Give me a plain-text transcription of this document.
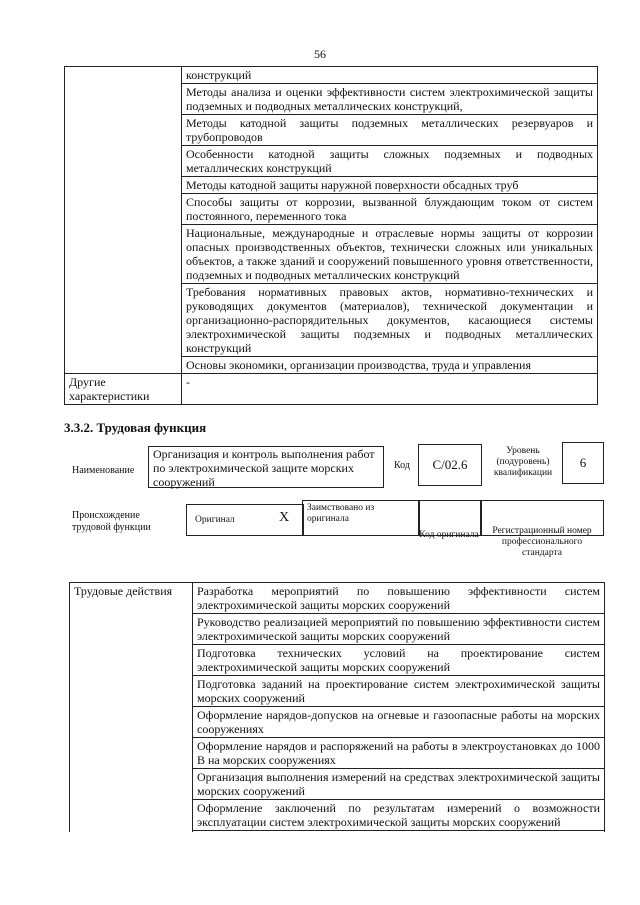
56
	конструкций
	Методы анализа и оценки эффективности систем электрохимической защиты подземных и подводных металлических конструкций,
	Методы катодной защиты подземных металлических резервуаров и трубопроводов
	Особенности катодной защиты сложных подземных и подводных металлических конструкций
	Методы катодной защиты наружной поверхности обсадных труб
	Способы защиты от коррозии, вызванной блуждающим током от систем постоянного, переменного тока
	Национальные, международные и отраслевые нормы защиты от коррозии опасных производственных объектов, технически сложных или уникальных объектов, а также зданий и сооружений повышенного уровня ответственности, подземных и подводных металлических конструкций
	Требования нормативных правовых актов, нормативно-технических и руководящих документов (материалов), технической документации и организационно-распорядительных документов, касающиеся системы электрохимической защиты подземных и подводных металлических конструкций
	Основы экономики, организации производства, труда и управления
Другие характеристики	-
3.3.2. Трудовая функция
Наименование
Организация и контроль выполнения работ по электрохимической защите морских сооружений
Код	С/02.6
Уровень (подуровень) квалификации
6
Происхождение трудовой функции
Оригинал	X
Заимствовано из оригинала
Код оригинала	Регистрационный номер профессионального стандарта
Трудовые действия	Разработка мероприятий по повышению эффективности систем электрохимической защиты морских сооружений
Руководство реализацией мероприятий по повышению эффективности систем электрохимической защиты морских сооружений
Подготовка технических условий на проектирование систем электрохимической защиты морских сооружений
Подготовка заданий на проектирование систем электрохимической защиты морских сооружений
Оформление нарядов-допусков на огневые и газоопасные работы на морских сооружениях
Оформление нарядов и распоряжений на работы в электроустановках до 1000 В на морских сооружениях
Организация выполнения измерений на средствах электрохимической защиты морских сооружений
Оформление заключений по результатам измерений о возможности эксплуатации систем электрохимической защиты морских сооружений
